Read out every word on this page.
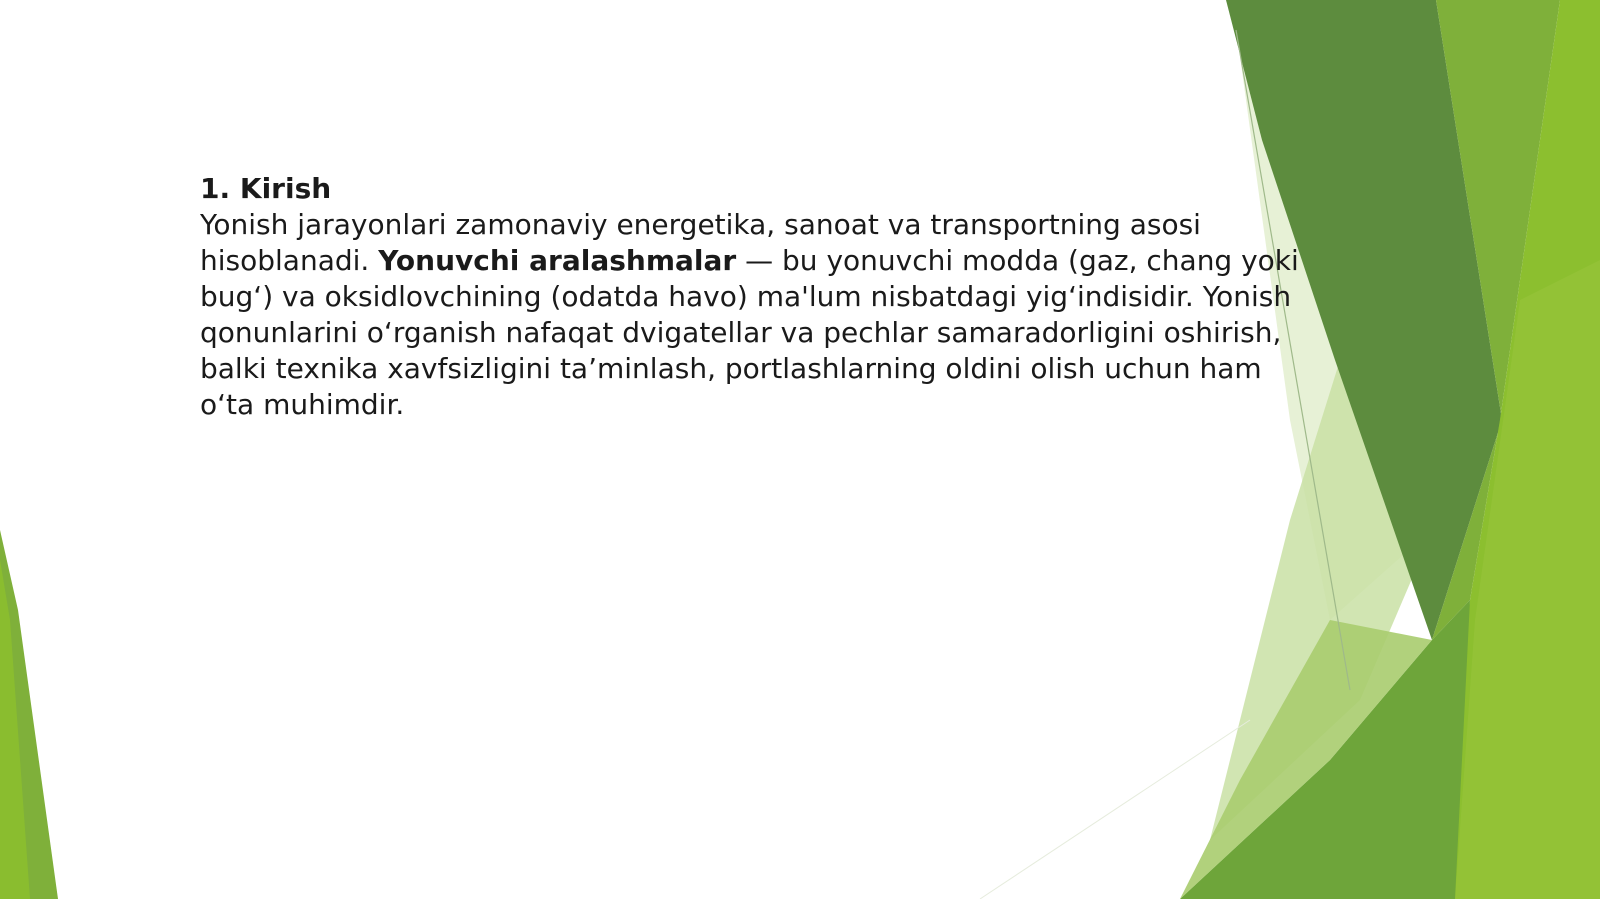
1. Kirish
Yonish jarayonlari zamonaviy energetika, sanoat va transportning asosi hisoblanadi. Yonuvchi aralashmalar — bu yonuvchi modda (gaz, chang yoki bug‘) va oksidlovchining (odatda havo) ma'lum nisbatdagi yig‘indisidir. Yonish qonunlarini o‘rganish nafaqat dvigatellar va pechlar samaradorligini oshirish, balki texnika xavfsizligini ta’minlash, portlashlarning oldini olish uchun ham o‘ta muhimdir.
